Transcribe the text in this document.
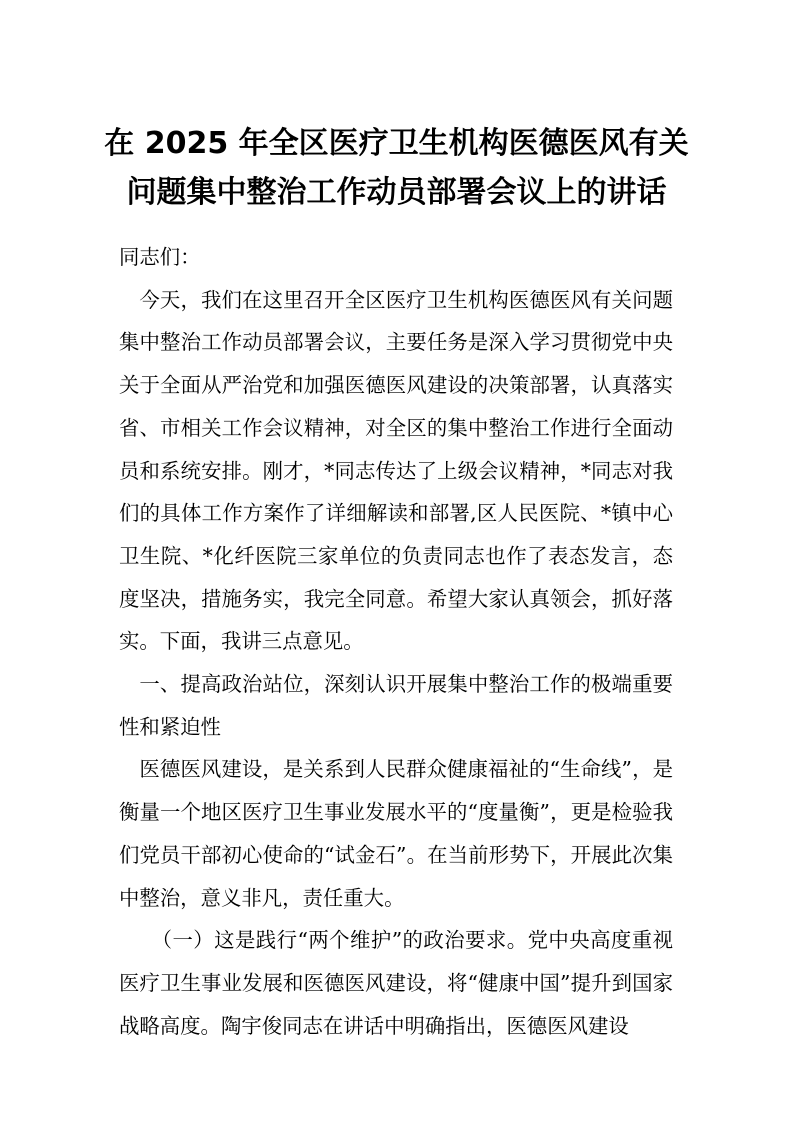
在 2025 年全区医疗卫生机构医德医风有关
问题集中整治工作动员部署会议上的讲话

同志们：

今天，我们在这里召开全区医疗卫生机构医德医风有关问题集中整治工作动员部署会议，主要任务是深入学习贯彻党中央关于全面从严治党和加强医德医风建设的决策部署，认真落实省、市相关工作会议精神，对全区的集中整治工作进行全面动员和系统安排。刚才，*同志传达了上级会议精神，*同志对我们的具体工作方案作了详细解读和部署,区人民医院、*镇中心卫生院、*化纤医院三家单位的负责同志也作了表态发言，态度坚决，措施务实，我完全同意。希望大家认真领会，抓好落实。下面，我讲三点意见。

一、提高政治站位，深刻认识开展集中整治工作的极端重要性和紧迫性

医德医风建设，是关系到人民群众健康福祉的“生命线”，是衡量一个地区医疗卫生事业发展水平的“度量衡”，更是检验我们党员干部初心使命的“试金石”。在当前形势下，开展此次集中整治，意义非凡，责任重大。

（一）这是践行“两个维护”的政治要求。党中央高度重视医疗卫生事业发展和医德医风建设，将“健康中国”提升到国家战略高度。陶宇俊同志在讲话中明确指出，医德医风建设
